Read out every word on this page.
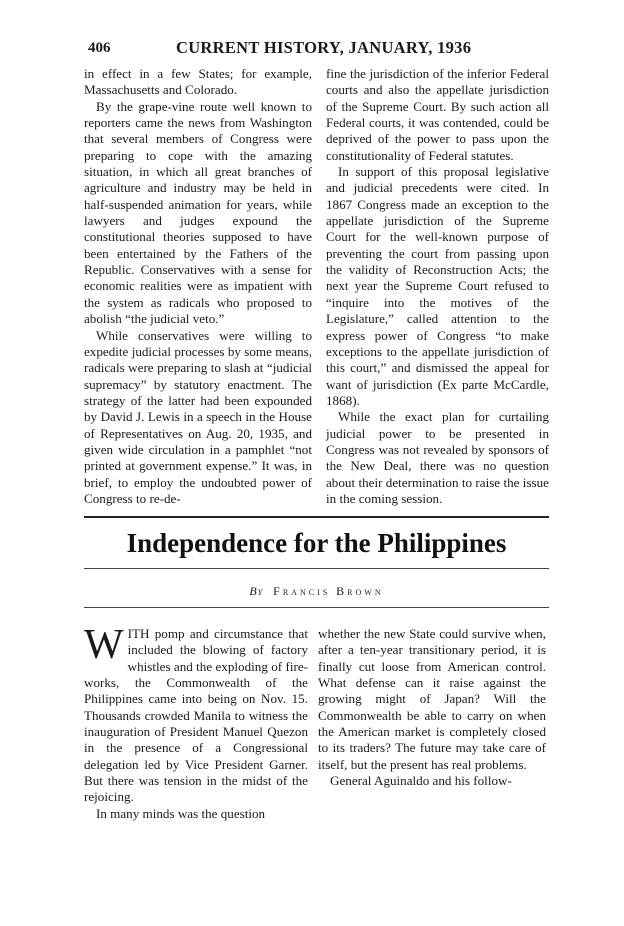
406	CURRENT HISTORY, JANUARY, 1936

in effect in a few States; for example, Massachusetts and Colorado.

By the grape-vine route well known to reporters came the news from Washington that several members of Congress were preparing to cope with the amazing situation, in which all great branches of agriculture and industry may be held in half-suspended animation for years, while lawyers and judges expound the constitutional theories supposed to have been entertained by the Fathers of the Republic. Conservatives with a sense for economic realities were as impatient with the system as radicals who proposed to abolish “the judicial veto.”

While conservatives were willing to expedite judicial processes by some means, radicals were preparing to slash at “judicial supremacy” by statutory enactment. The strategy of the latter had been expounded by David J. Lewis in a speech in the House of Representatives on Aug. 20, 1935, and given wide circulation in a pamphlet “not printed at government expense.” It was, in brief, to employ the undoubted power of Congress to re-de-

fine the jurisdiction of the inferior Federal courts and also the appellate jurisdiction of the Supreme Court. By such action all Federal courts, it was contended, could be deprived of the power to pass upon the constitutionality of Federal statutes.

In support of this proposal legislative and judicial precedents were cited. In 1867 Congress made an exception to the appellate jurisdiction of the Supreme Court for the well-known purpose of preventing the court from passing upon the validity of Reconstruction Acts; the next year the Supreme Court refused to “inquire into the motives of the Legislature,” called attention to the express power of Congress “to make exceptions to the appellate jurisdiction of this court,” and dismissed the appeal for want of jurisdiction (Ex parte McCardle, 1868).

While the exact plan for curtailing judicial power to be presented in Congress was not revealed by sponsors of the New Deal, there was no question about their determination to raise the issue in the coming session.

Independence for the Philippines
By Francis Brown

WITH pomp and circumstance that included the blowing of factory whistles and the exploding of fire-works, the Commonwealth of the Philippines came into being on Nov. 15. Thousands crowded Manila to witness the inauguration of President Manuel Quezon in the presence of a Congressional delegation led by Vice President Garner. But there was tension in the midst of the rejoicing.

In many minds was the question

whether the new State could survive when, after a ten-year transitionary period, it is finally cut loose from American control. What defense can it raise against the growing might of Japan? Will the Commonwealth be able to carry on when the American market is completely closed to its traders? The future may take care of itself, but the present has real problems.

General Aguinaldo and his follow-
